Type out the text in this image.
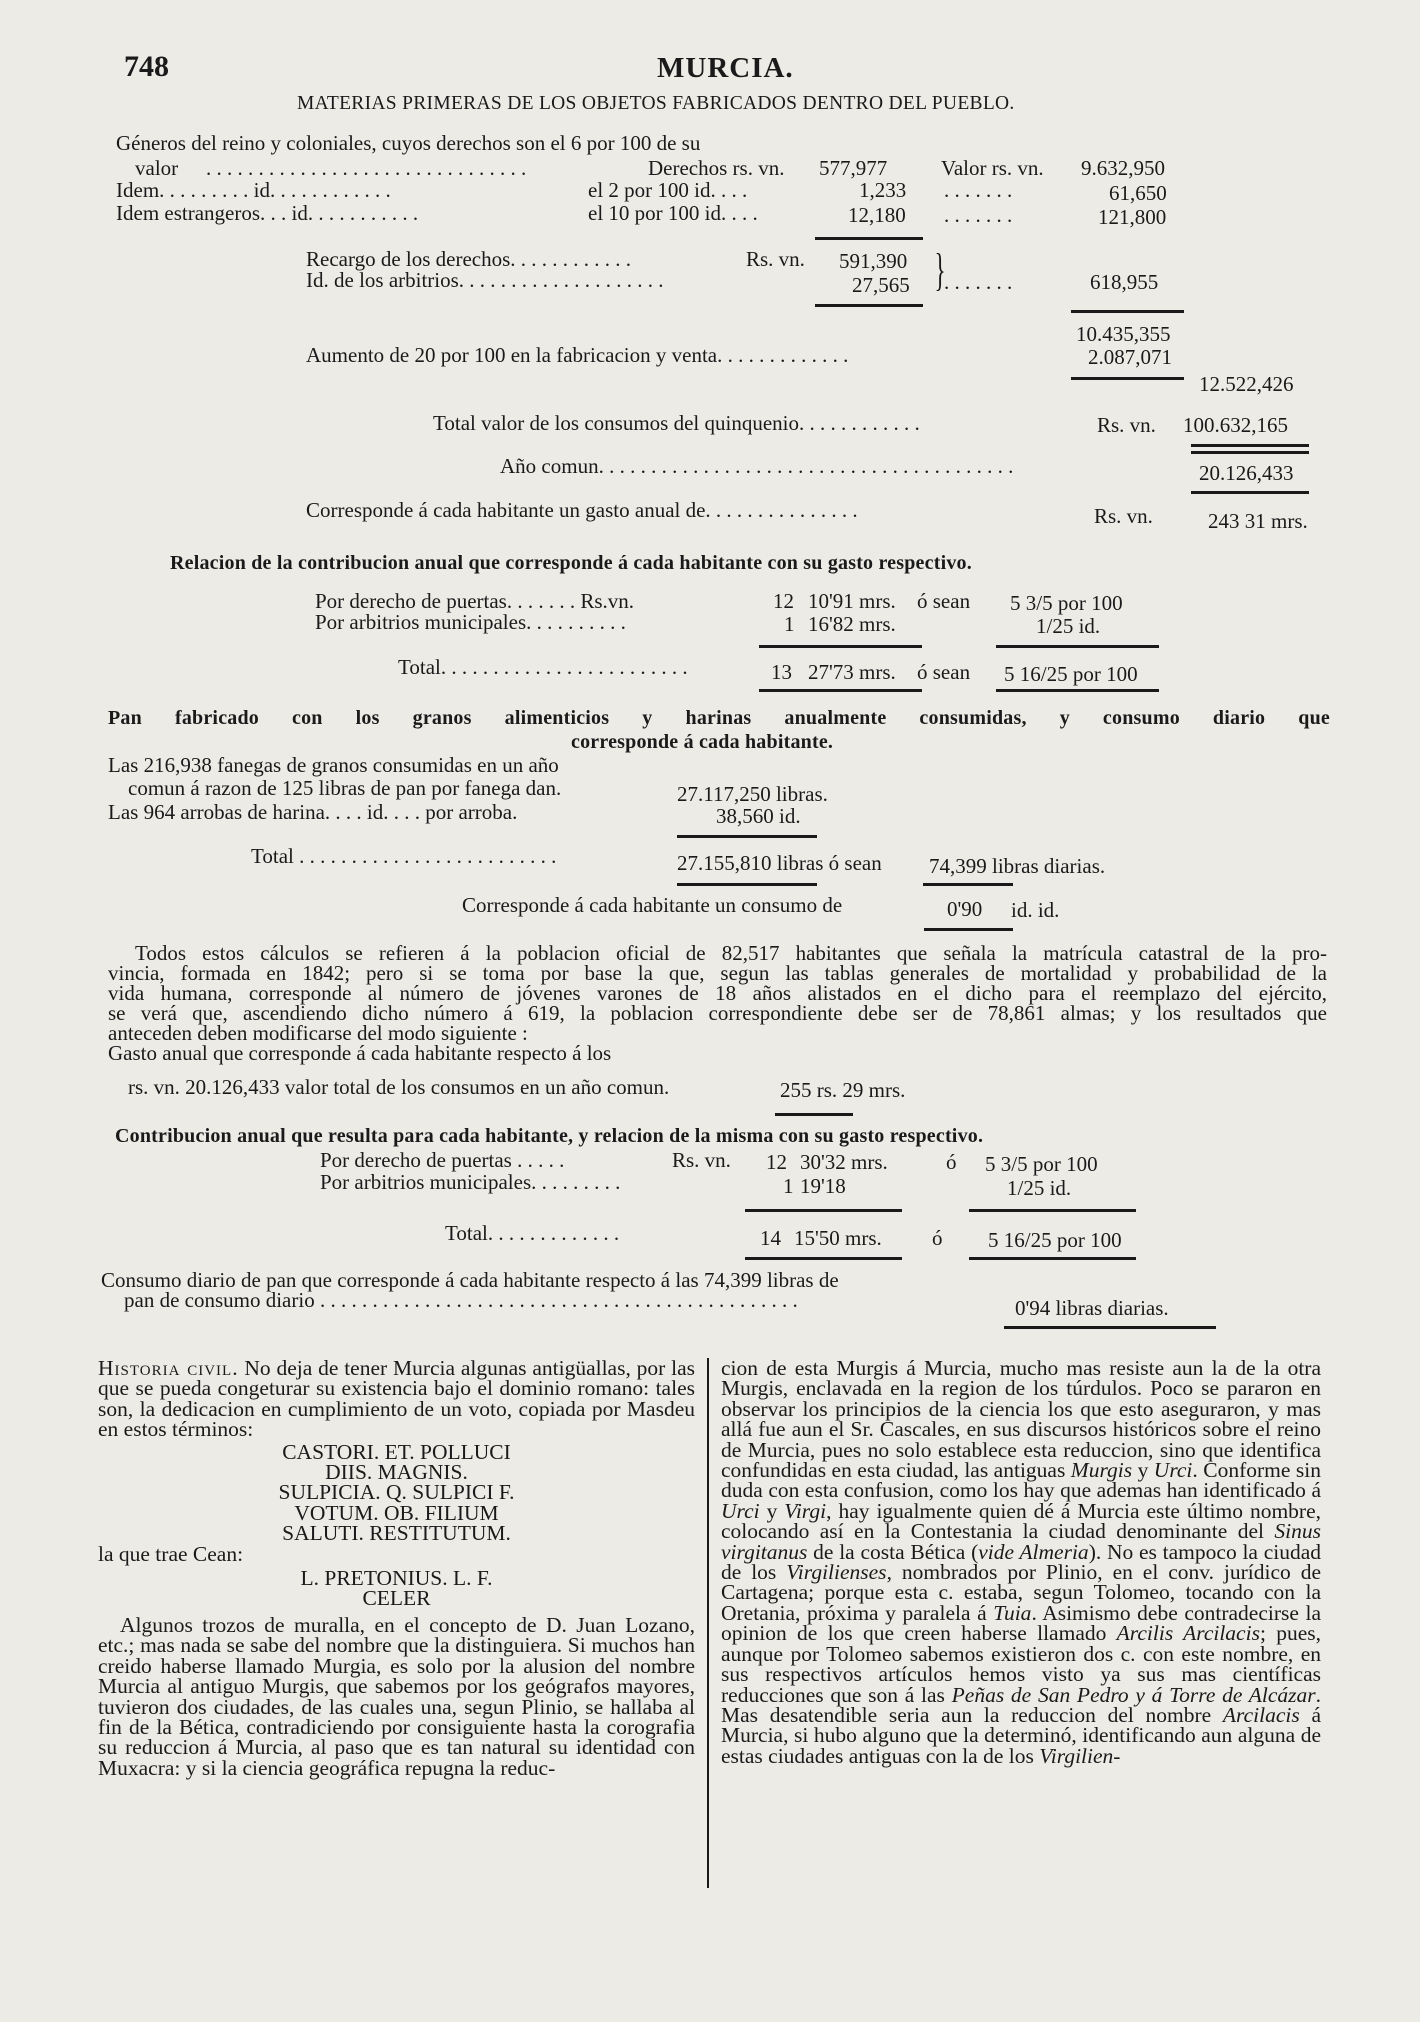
748	MURCIA.
MATERIAS PRIMERAS DE LOS OBJETOS FABRICADOS DENTRO DEL PUEBLO.
Géneros del reino y coloniales, cuyos derechos son el 6 por 100 de su
valor . . . . . . . . . . . . . . . . . . . . . . . . . . . . . . .	Derechos rs. vn. 577,977	Valor rs. vn. 9.632,950
Idem. . . . . . . . . id. . . . . . . . . . . .	el 2 por 100 id. . . .	1,233 . . . . . . .	61,650
Idem estrangeros. . . id. . . . . . . . . . .	el 10 por 100 id. . . .	12,180 . . . . . . .	121,800
Recargo de los derechos. . . . . . . . . . . .	Rs. vn. 591,390
Id. de los arbitrios. . . . . . . . . . . . . . . . . . . .	27,565 }
. . . . . . .	618,955
10.435,355
Aumento de 20 por 100 en la fabricacion y venta. . . . . . . . . . . . .	2.087,071
12.522,426
Total valor de los consumos del quinquenio. . . . . . . . . . . .	Rs. vn. 100.632,165
Año comun. . . . . . . . . . . . . . . . . . . . . . . . . . . . . . . . . . . . . . . .	20.126,433
Corresponde á cada habitante un gasto anual de. . . . . . . . . . . . . . .	Rs. vn.	243 31 mrs.
Relacion de la contribucion anual que corresponde á cada habitante con su gasto respectivo.
Por derecho de puertas. . . . . . . Rs.vn.	12 10'91 mrs. ó sean 5 3/5 por 100
Por arbitrios municipales. . . . . . . . . .	1 16'82 mrs.	1/25 id.
Total. . . . . . . . . . . . . . . . . . . . . . . .	13 27'73 mrs. ó sean 5 16/25 por 100
Pan fabricado con los granos alimenticios y harinas anualmente consumidas, y consumo diario que
corresponde á cada habitante.
Las 216,938 fanegas de granos consumidas en un año
comun á razon de 125 libras de pan por fanega dan.	27.117,250 libras.
Las 964 arrobas de harina. . . . id. . . . por arroba.	38,560 id.
Total . . . . . . . . . . . . . . . . . . . . . . . . .	27.155,810 libras ó sean 74,399 libras diarias.
Corresponde á cada habitante un consumo de	0'90 id. id.
Todos estos cálculos se refieren á la poblacion oficial de 82,517 habitantes que señala la matrícula catastral de la pro-
vincia, formada en 1842; pero si se toma por base la que, segun las tablas generales de mortalidad y probabilidad de la
vida humana, corresponde al número de jóvenes varones de 18 años alistados en el dicho para el reemplazo del ejército,
se verá que, ascendiendo dicho número á 619, la poblacion correspondiente debe ser de 78,861 almas; y los resultados que
anteceden deben modificarse del modo siguiente :
Gasto anual que corresponde á cada habitante respecto á los
rs. vn. 20.126,433 valor total de los consumos en un año comun.	255 rs. 29 mrs.
Contribucion anual que resulta para cada habitante, y relacion de la misma con su gasto respectivo.
Por derecho de puertas . . . . .	Rs. vn. 12 30'32 mrs.	ó 5 3/5 por 100
Por arbitrios municipales. . . . . . . . .	1 19'18	1/25 id.
Total. . . . . . . . . . . . .	14 15'50 mrs. ó 5 16/25 por 100
Consumo diario de pan que corresponde á cada habitante respecto á las 74,399 libras de
pan de consumo diario . . . . . . . . . . . . . . . . . . . . . . . . . . . . . . . . . . . . . . . . . . . . . .	0'94 libras diarias.

Historia civil. No deja de tener Murcia algunas antigüallas, por las que se pueda congeturar su existencia bajo el dominio romano: tales son, la dedicacion en cumplimiento de un voto, copiada por Masdeu en estos términos:

CASTORI. ET. POLLUCI
DIIS. MAGNIS.
SULPICIA. Q. SULPICI F.
VOTUM. OB. FILIUM
SALUTI. RESTITUTUM.

la que trae Cean:

L. PRETONIUS. L. F.
CELER

Algunos trozos de muralla, en el concepto de D. Juan Lozano, etc.; mas nada se sabe del nombre que la distinguiera. Si muchos han creido haberse llamado Murgia, es solo por la alusion del nombre Murcia al antiguo Murgis, que sabemos por los geógrafos mayores, tuvieron dos ciudades, de las cuales una, segun Plinio, se hallaba al fin de la Bética, contradiciendo por consiguiente hasta la corografia su reduccion á Murcia, al paso que es tan natural su identidad con Muxacra: y si la ciencia geográfica repugna la reduc-

cion de esta Murgis á Murcia, mucho mas resiste aun la de la otra Murgis, enclavada en la region de los túrdulos. Poco se pararon en observar los principios de la ciencia los que esto aseguraron, y mas allá fue aun el Sr. Cascales, en sus discursos históricos sobre el reino de Murcia, pues no solo establece esta reduccion, sino que identifica confundidas en esta ciudad, las antiguas Murgis y Urci. Conforme sin duda con esta confusion, como los hay que ademas han identificado á Urci y Virgi, hay igualmente quien dé á Murcia este último nombre, colocando así en la Contestania la ciudad denominante del Sinus virgitanus de la costa Bética (vide Almeria). No es tampoco la ciudad de los Virgilienses, nombrados por Plinio, en el conv. jurídico de Cartagena; porque esta c. estaba, segun Tolomeo, tocando con la Oretania, próxima y paralela á Tuia. Asimismo debe contradecirse la opinion de los que creen haberse llamado Arcilis Arcilacis; pues, aunque por Tolomeo sabemos existieron dos c. con este nombre, en sus respectivos artículos hemos visto ya sus mas científicas reducciones que son á las Peñas de San Pedro y á Torre de Alcázar. Mas desatendible seria aun la reduccion del nombre Arcilacis á Murcia, si hubo alguno que la determinó, identificando aun alguna de estas ciudades antiguas con la de los Virgilien-
